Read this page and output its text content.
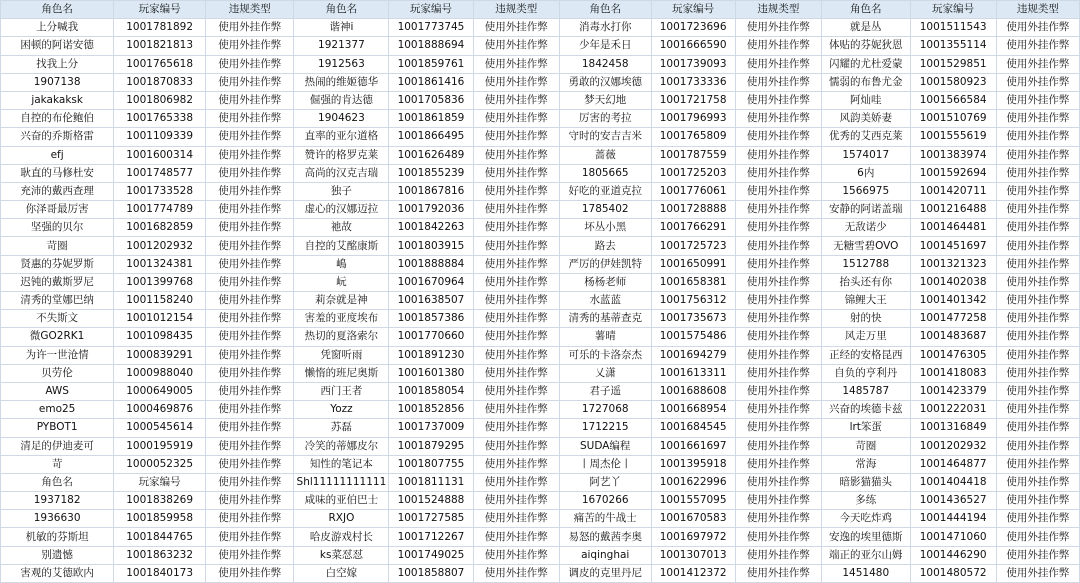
角色名	玩家编号	违规类型	角色名	玩家编号	违规类型	角色名	玩家编号	违规类型	角色名	玩家编号	违规类型
上分喊我	1001781892	使用外挂作弊	谐神i	1001773745	使用外挂作弊	消毒水打你	1001723696	使用外挂作弊	就是丛	1001511543	使用外挂作弊
困顿的阿诺安德	1001821813	使用外挂作弊	1921377	1001888694	使用外挂作弊	少年是禾日	1001666590	使用外挂作弊	体贴的芬妮狄恩	1001355114	使用外挂作弊
找我上分	1001765618	使用外挂作弊	1912563	1001859761	使用外挂作弊	1842458	1001739093	使用外挂作弊	闪耀的尤杜爱蒙	1001529851	使用外挂作弊
1907138	1001870833	使用外挂作弊	热闹的维姬德华	1001861416	使用外挂作弊	勇敢的汉娜埃德	1001733336	使用外挂作弊	懦弱的布鲁尤金	1001580923	使用外挂作弊
jakakaksk	1001806982	使用外挂作弊	倔强的肯达德	1001705836	使用外挂作弊	梦天幻地	1001721758	使用外挂作弊	阿灿哇	1001566584	使用外挂作弊
自控的布伦鲍伯	1001765338	使用外挂作弊	1904623	1001861859	使用外挂作弊	厉害的考拉	1001796993	使用外挂作弊	风韵美娇妻	1001510769	使用外挂作弊
兴奋的乔斯格雷	1001109339	使用外挂作弊	直率的亚尔道格	1001866495	使用外挂作弊	守时的安吉吉米	1001765809	使用外挂作弊	优秀的艾西克莱	1001555619	使用外挂作弊
efj	1001600314	使用外挂作弊	赞许的格罗克莱	1001626489	使用外挂作弊	蔷薇	1001787559	使用外挂作弊	1574017	1001383974	使用外挂作弊
耿直的马修杜安	1001748577	使用外挂作弊	高尚的汉克吉瑞	1001855239	使用外挂作弊	1805665	1001725203	使用外挂作弊	6内	1001592694	使用外挂作弊
充沛的戴西查理	1001733528	使用外挂作弊	独子	1001867816	使用外挂作弊	好吃的亚道克拉	1001776061	使用外挂作弊	1566975	1001420711	使用外挂作弊
你泽哥最厉害	1001774789	使用外挂作弊	虚心的汉娜迈拉	1001792036	使用外挂作弊	1785402	1001728888	使用外挂作弊	安静的阿诺盖瑞	1001216488	使用外挂作弊
坚强的贝尔	1001682859	使用外挂作弊	祂故	1001842263	使用外挂作弊	坏丛小黑	1001766291	使用外挂作弊	无敌诺少	1001464481	使用外挂作弊
苛圈	1001202932	使用外挂作弊	自控的艾酩康斯	1001803915	使用外挂作弊	路去	1001725723	使用外挂作弊	无糖雪碧OVO	1001451697	使用外挂作弊
贤惠的芬妮罗斯	1001324381	使用外挂作弊	嶋	1001888884	使用外挂作弊	严厉的伊娃凯特	1001650991	使用外挂作弊	1512788	1001321323	使用外挂作弊
迟钝的戴斯罗尼	1001399768	使用外挂作弊	岏	1001670964	使用外挂作弊	杨杨老师	1001658381	使用外挂作弊	抬头还有你	1001402038	使用外挂作弊
清秀的堂娜巴纳	1001158240	使用外挂作弊	莉奈就是神	1001638507	使用外挂作弊	水蓝蓝	1001756312	使用外挂作弊	锦鲤大王	1001401342	使用外挂作弊
不失斯文	1001012154	使用外挂作弊	害羞的亚度埃布	1001857386	使用外挂作弊	清秀的基蒂查克	1001735673	使用外挂作弊	射的快	1001477258	使用外挂作弊
微GO2RK1	1001098435	使用外挂作弊	热切的夏洛索尔	1001770660	使用外挂作弊	薯晴	1001575486	使用外挂作弊	风走万里	1001483687	使用外挂作弊
为许一世沧情	1000839291	使用外挂作弊	凭窗听雨	1001891230	使用外挂作弊	可乐的卡洛奈杰	1001694279	使用外挂作弊	正经的安格昆西	1001476305	使用外挂作弊
贝劳伦	1000988040	使用外挂作弊	懒惰的班尼奥斯	1001601380	使用外挂作弊	乂潇	1001613311	使用外挂作弊	自负的亨利丹	1001418083	使用外挂作弊
AWS	1000649005	使用外挂作弊	西门王者	1001858054	使用外挂作弊	君子遥	1001688608	使用外挂作弊	1485787	1001423379	使用外挂作弊
emo25	1000469876	使用外挂作弊	Yozz	1001852856	使用外挂作弊	1727068	1001668954	使用外挂作弊	兴奋的埃德卡兹	1001222031	使用外挂作弊
PYBOT1	1000545614	使用外挂作弊	苏磊	1001737009	使用外挂作弊	1712215	1001684545	使用外挂作弊	lrt笨蛋	1001316849	使用外挂作弊
清足的伊迪麦可	1000195919	使用外挂作弊	冷笑的蒂娜皮尔	1001879295	使用外挂作弊	SUDA编程	1001661697	使用外挂作弊	苛圈	1001202932	使用外挂作弊
苛	1000052325	使用外挂作弊	知性的笔记本	1001807755	使用外挂作弊	丨周杰伦丨	1001395918	使用外挂作弊	常海	1001464877	使用外挂作弊
角色名	玩家编号	使用外挂作弊	Shl11111111111	1001811131	使用外挂作弊	阿艺丫	1001622996	使用外挂作弊	暗影猫猫头	1001404418	使用外挂作弊
1937182	1001838269	使用外挂作弊	咸味的亚伯巴士	1001524888	使用外挂作弊	1670266	1001557095	使用外挂作弊	多练	1001436527	使用外挂作弊
1936630	1001859958	使用外挂作弊	RXJO	1001727585	使用外挂作弊	痛苦的牛战士	1001670583	使用外挂作弊	今天吃炸鸡	1001444194	使用外挂作弊
机敏的芬斯坦	1001844765	使用外挂作弊	哈皮游戏村长	1001712267	使用外挂作弊	易怒的戴茜李奥	1001697972	使用外挂作弊	安逸的埃里德斯	1001471060	使用外挂作弊
别遗憾	1001863232	使用外挂作弊	ks菜怼怼	1001749025	使用外挂作弊	aiqinghai	1001307013	使用外挂作弊	端正的亚尔山姆	1001446290	使用外挂作弊
害观的艾德欧内	1001840173	使用外挂作弊	白空嫁	1001858807	使用外挂作弊	调皮的克里丹尼	1001412372	使用外挂作弊	1451480	1001480572	使用外挂作弊
